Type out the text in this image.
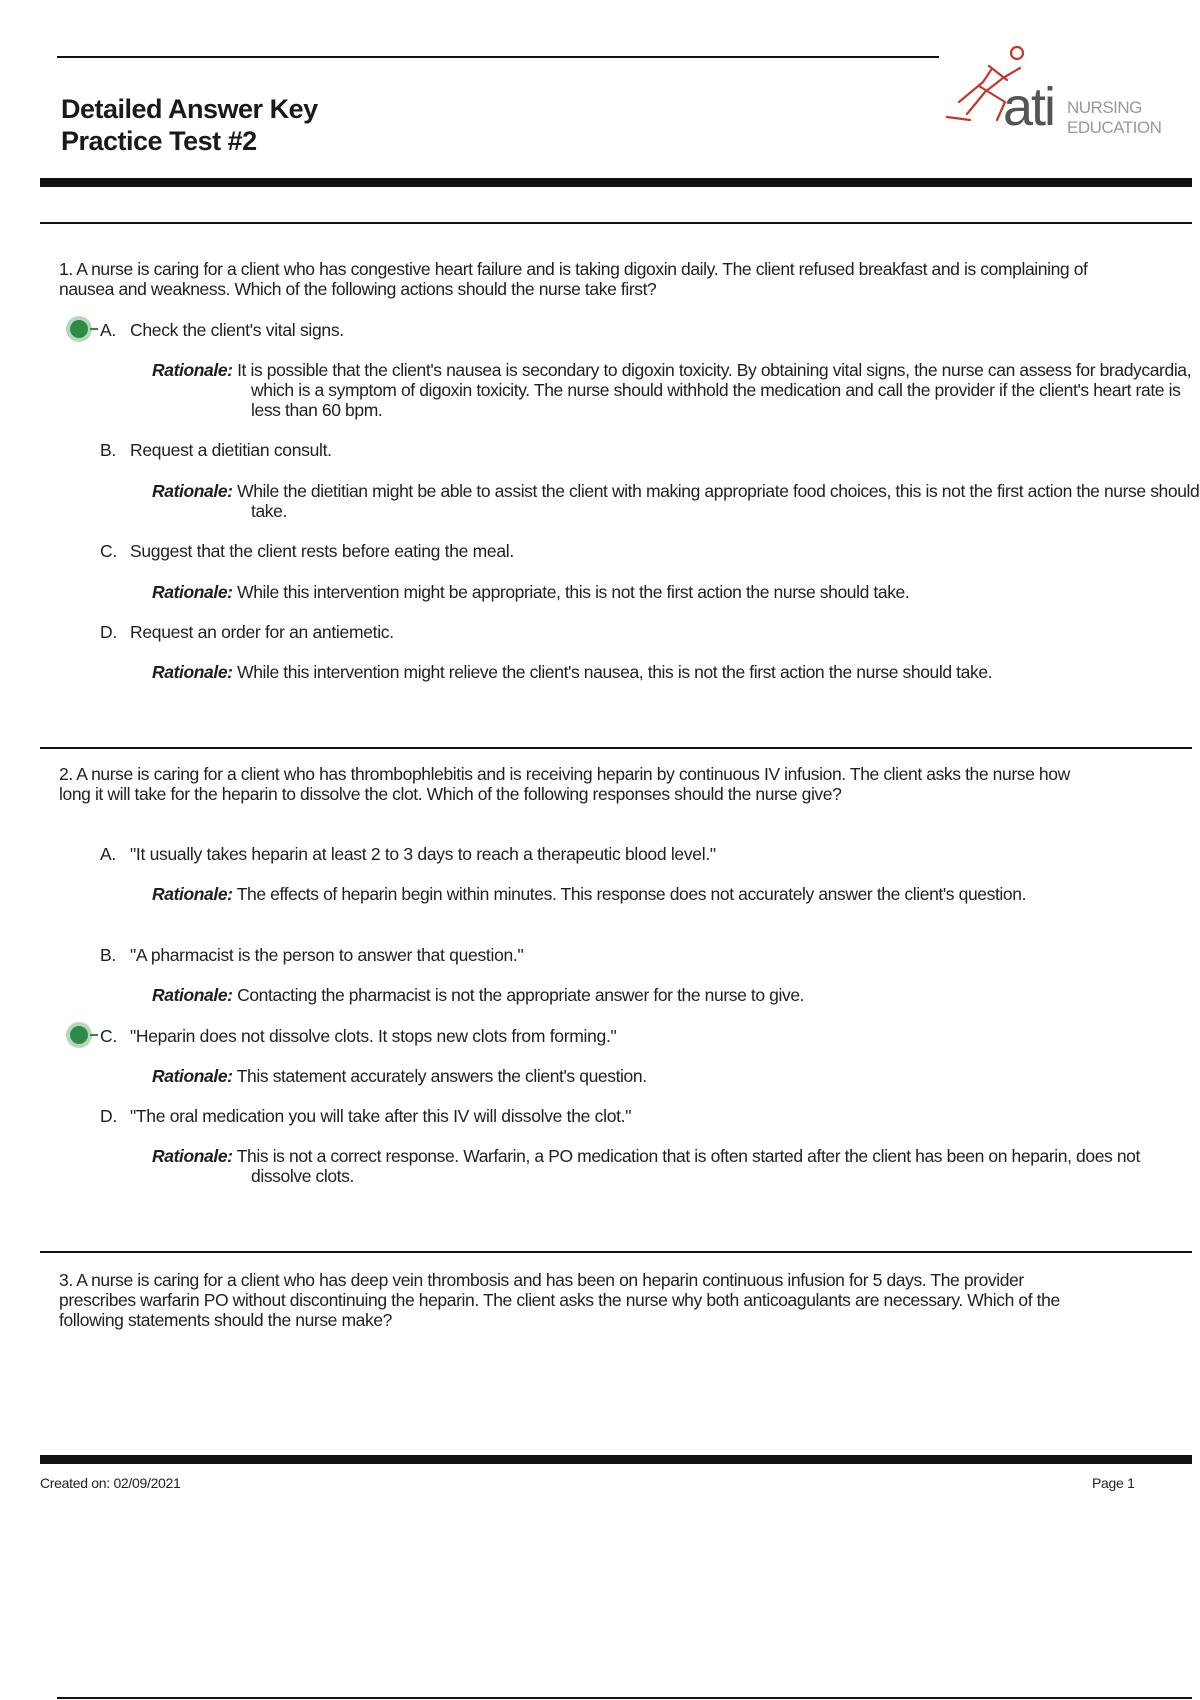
Detailed Answer Key
Practice Test #2
ati NURSING
EDUCATION
1. A nurse is caring for a client who has congestive heart failure and is taking digoxin daily. The client refused breakfast and is complaining of nausea and weakness. Which of the following actions should the nurse take first?
A. Check the client's vital signs.
Rationale: It is possible that the client's nausea is secondary to digoxin toxicity. By obtaining vital signs, the nurse can assess for bradycardia, which is a symptom of digoxin toxicity. The nurse should withhold the medication and call the provider if the client's heart rate is less than 60 bpm.
B. Request a dietitian consult.
Rationale: While the dietitian might be able to assist the client with making appropriate food choices, this is not the first action the nurse should take.
C. Suggest that the client rests before eating the meal.
Rationale: While this intervention might be appropriate, this is not the first action the nurse should take.
D. Request an order for an antiemetic.
Rationale: While this intervention might relieve the client's nausea, this is not the first action the nurse should take.
2. A nurse is caring for a client who has thrombophlebitis and is receiving heparin by continuous IV infusion. The client asks the nurse how long it will take for the heparin to dissolve the clot. Which of the following responses should the nurse give?
A. "It usually takes heparin at least 2 to 3 days to reach a therapeutic blood level."
Rationale: The effects of heparin begin within minutes. This response does not accurately answer the client's question.
B. "A pharmacist is the person to answer that question."
Rationale: Contacting the pharmacist is not the appropriate answer for the nurse to give.
C. "Heparin does not dissolve clots. It stops new clots from forming."
Rationale: This statement accurately answers the client's question.
D. "The oral medication you will take after this IV will dissolve the clot."
Rationale: This is not a correct response. Warfarin, a PO medication that is often started after the client has been on heparin, does not dissolve clots.
3. A nurse is caring for a client who has deep vein thrombosis and has been on heparin continuous infusion for 5 days. The provider prescribes warfarin PO without discontinuing the heparin. The client asks the nurse why both anticoagulants are necessary. Which of the following statements should the nurse make?
Created on: 02/09/2021	Page 1
